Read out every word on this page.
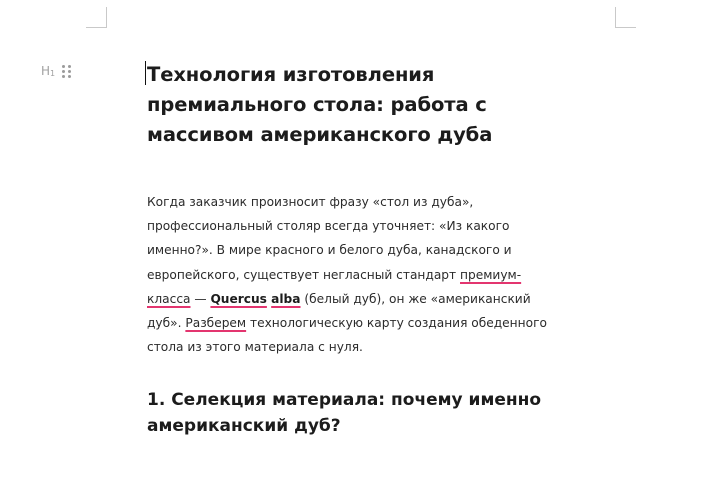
$H_1$	Технология изготовления
премиального стола: работа с
массивом американского дуба

Когда заказчик произносит фразу «стол из дуба»,
профессиональный столяр всегда уточняет: «Из какого
именно?». В мире красного и белого дуба, канадского и
европейского, существует негласный стандарт премиум-
класса — Quercus alba (белый дуб), он же «американский
дуб». Разберем технологическую карту создания обеденного
стола из этого материала с нуля.

1. Селекция материала: почему именно
американский дуб?
